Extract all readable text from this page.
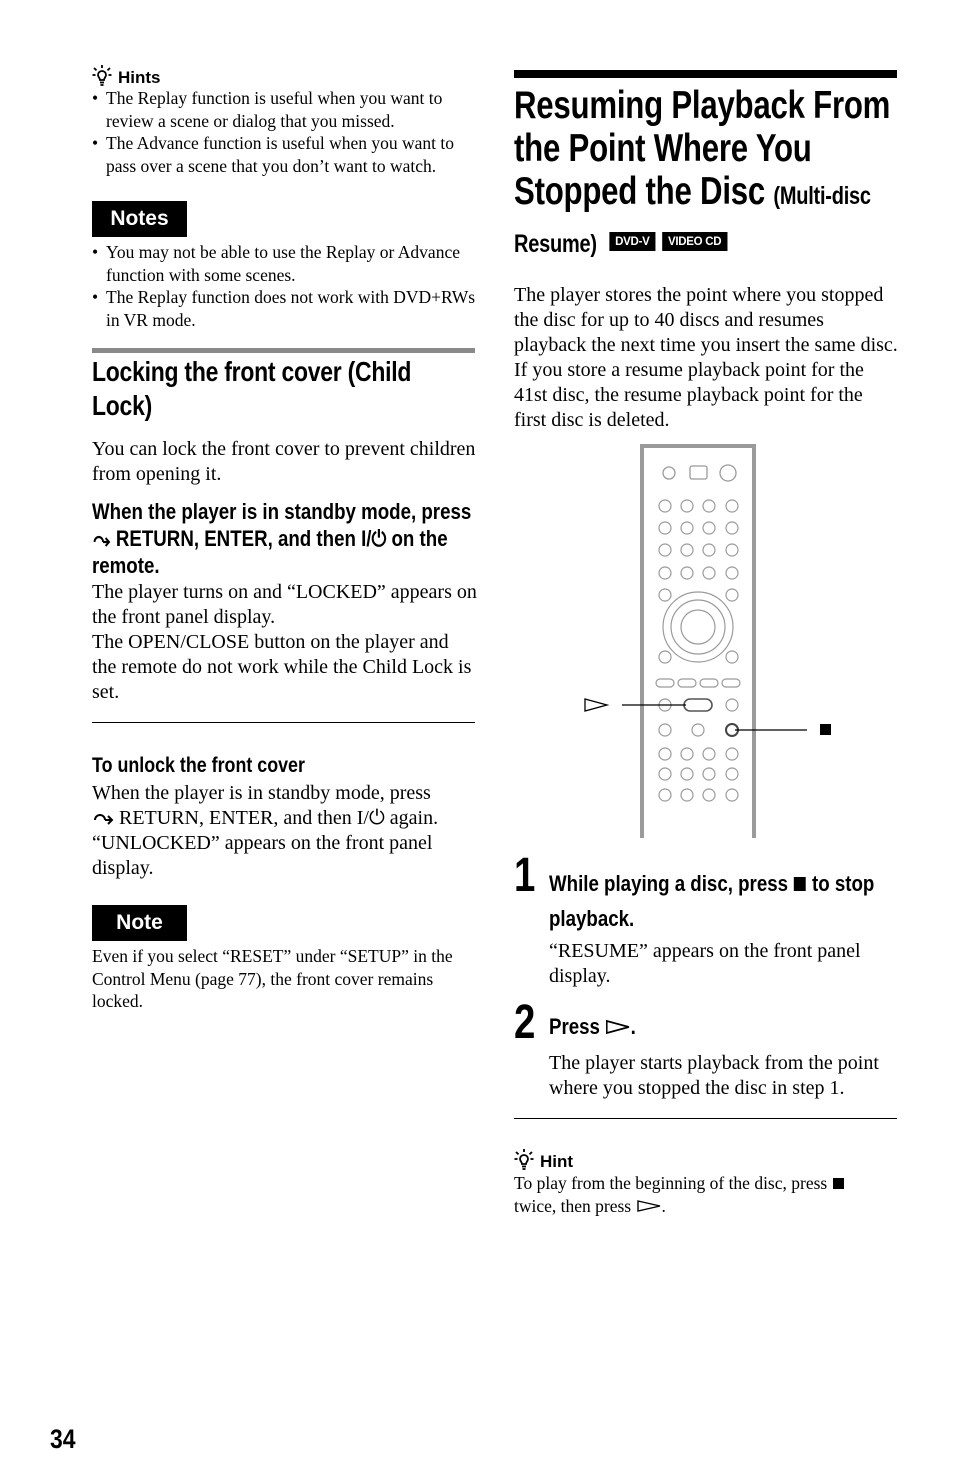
Hints
• The Replay function is useful when you want to review a scene or dialog that you missed.
• The Advance function is useful when you want to pass over a scene that you don’t want to watch.
Notes
• You may not be able to use the Replay or Advance function with some scenes.
• The Replay function does not work with DVD+RWs in VR mode.
Locking the front cover (Child Lock)
You can lock the front cover to prevent children from opening it.
When the player is in standby mode, press
RETURN, ENTER, and then I/⏻ on the remote.
The player turns on and “LOCKED” appears on the front panel display.
The OPEN/CLOSE button on the player and the remote do not work while the Child Lock is set.
To unlock the front cover
When the player is in standby mode, press
RETURN, ENTER, and then I/⏻ again.
“UNLOCKED” appears on the front panel display.
Note
Even if you select “RESET” under “SETUP” in the Control Menu (page 77), the front cover remains locked.
34
Resuming Playback From the Point Where You Stopped the Disc (Multi-disc Resume) DVD-V VIDEO CD
The player stores the point where you stopped the disc for up to 40 discs and resumes playback the next time you insert the same disc. If you store a resume playback point for the 41st disc, the resume playback point for the first disc is deleted.
1 While playing a disc, press to stop playback.
“RESUME” appears on the front panel display.
2 Press .
The player starts playback from the point where you stopped the disc in step 1.
Hint
To play from the beginning of the disc, press
twice, then press .
